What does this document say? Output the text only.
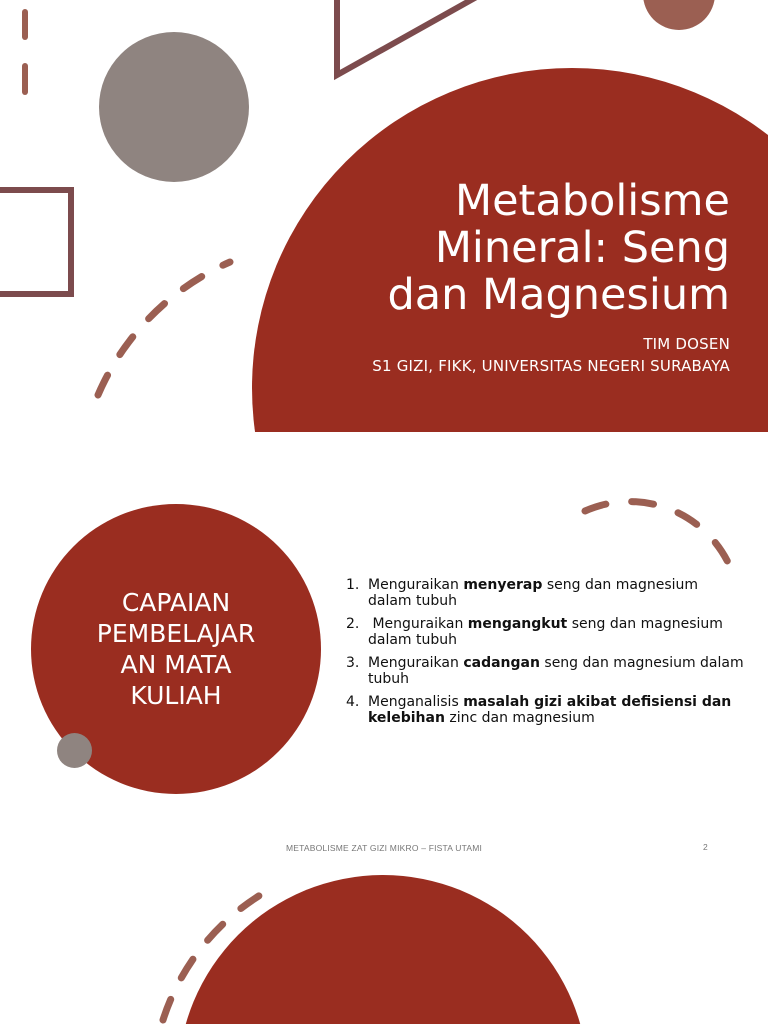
Metabolisme
Mineral: Seng
dan Magnesium
TIM DOSEN
S1 GIZI, FIKK, UNIVERSITAS NEGERI SURABAYA
CAPAIAN
PEMBELAJAR
AN MATA
KULIAH
1. Menguraikan menyerap seng dan magnesium dalam tubuh
2. Menguraikan mengangkut seng dan magnesium dalam tubuh
3. Menguraikan cadangan seng dan magnesium dalam tubuh
4. Menganalisis masalah gizi akibat defisiensi dan kelebihan zinc dan magnesium
METABOLISME ZAT GIZI MIKRO – FISTA UTAMI	2
